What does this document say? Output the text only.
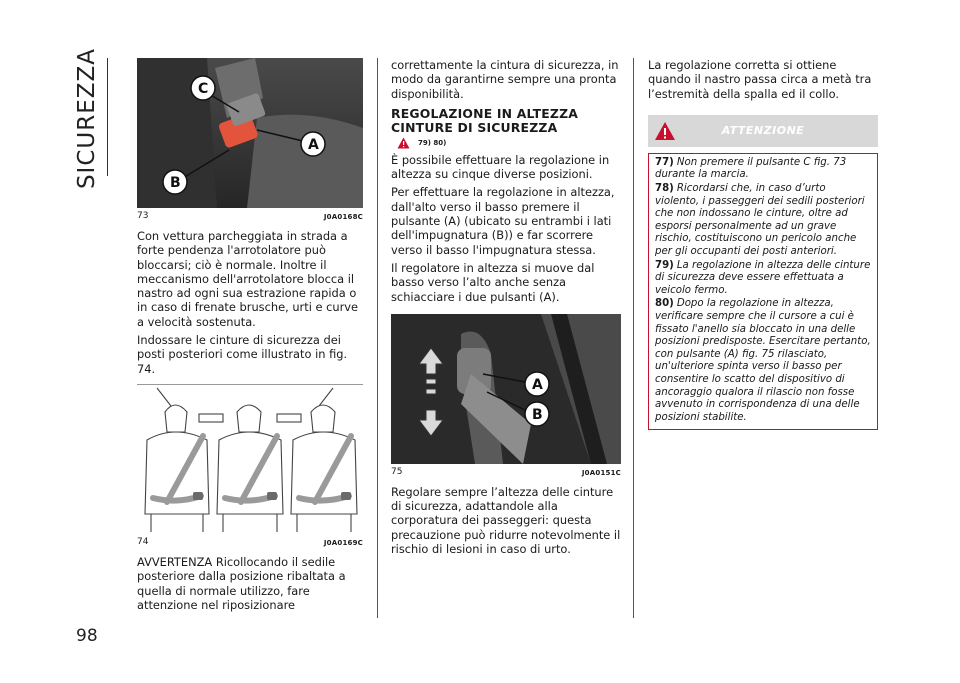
SICUREZZA
98
C
A
B
73	J0A0168C

Con vettura parcheggiata in strada a forte pendenza l'arrotolatore può bloccarsi; ciò è normale. Inoltre il meccanismo dell'arrotolatore blocca il nastro ad ogni sua estrazione rapida o in caso di frenate brusche, urti e curve a velocità sostenuta.

Indossare le cinture di sicurezza dei posti posteriori come illustrato in fig. 74.

74	J0A0169C

AVVERTENZA Ricollocando il sedile posteriore dalla posizione ribaltata a quella di normale utilizzo, fare attenzione nel riposizionare

correttamente la cintura di sicurezza, in modo da garantirne sempre una pronta disponibilità.

REGOLAZIONE IN ALTEZZA CINTURE DI SICUREZZA
79) 80)

È possibile effettuare la regolazione in altezza su cinque diverse posizioni.

Per effettuare la regolazione in altezza, dall'alto verso il basso premere il pulsante (A) (ubicato su entrambi i lati dell'impugnatura (B)) e far scorrere verso il basso l'impugnatura stessa.

Il regolatore in altezza si muove dal basso verso l’alto anche senza schiacciare i due pulsanti (A).

A
B
75	J0A0151C

Regolare sempre l’altezza delle cinture di sicurezza, adattandole alla corporatura dei passeggeri: questa precauzione può ridurre notevolmente il rischio di lesioni in caso di urto.

La regolazione corretta si ottiene quando il nastro passa circa a metà tra l’estremità della spalla ed il collo.

ATTENZIONE
77) Non premere il pulsante C fig. 73 durante la marcia.
78) Ricordarsi che, in caso d’urto violento, i passeggeri dei sedili posteriori che non indossano le cinture, oltre ad esporsi personalmente ad un grave rischio, costituiscono un pericolo anche per gli occupanti dei posti anteriori.
79) La regolazione in altezza delle cinture di sicurezza deve essere effettuata a veicolo fermo.
80) Dopo la regolazione in altezza, verificare sempre che il cursore a cui è fissato l'anello sia bloccato in una delle posizioni predisposte. Esercitare pertanto, con pulsante (A) fig. 75 rilasciato, un'ulteriore spinta verso il basso per consentire lo scatto del dispositivo di ancoraggio qualora il rilascio non fosse avvenuto in corrispondenza di una delle posizioni stabilite.
